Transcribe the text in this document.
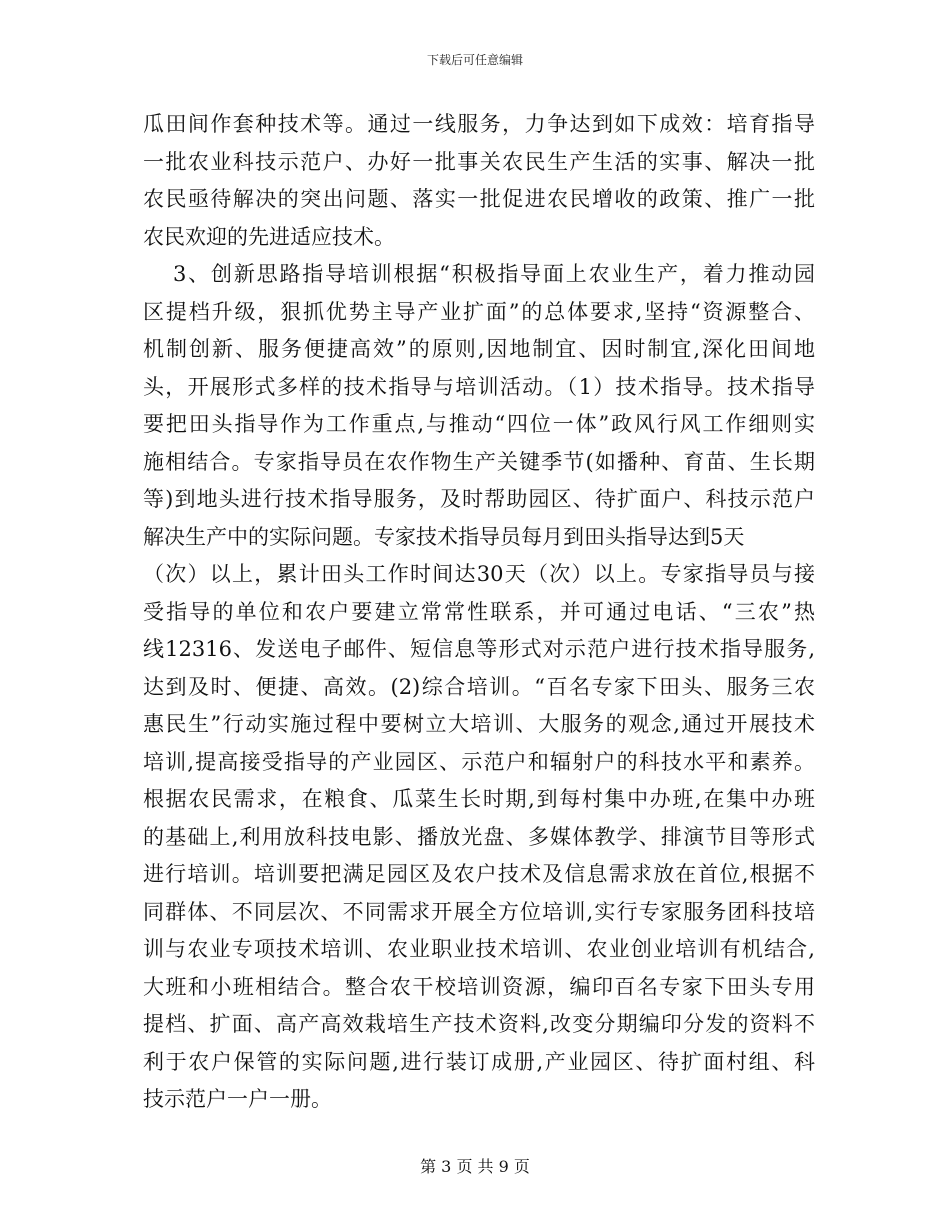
下载后可任意编辑
瓜田间作套种技术等。通过一线服务，力争达到如下成效：培育指导
一批农业科技示范户、办好一批事关农民生产生活的实事、解决一批
农民亟待解决的突出问题、落实一批促进农民增收的政策、推广一批
农民欢迎的先进适应技术。
3、创新思路指导培训根据“积极指导面上农业生产，着力推动园
区提档升级，狠抓优势主导产业扩面”的总体要求,坚持“资源整合、
机制创新、服务便捷高效”的原则,因地制宜、因时制宜,深化田间地
头，开展形式多样的技术指导与培训活动。（1）技术指导。技术指导
要把田头指导作为工作重点,与推动“四位一体”政风行风工作细则实
施相结合。专家指导员在农作物生产关键季节(如播种、育苗、生长期
等)到地头进行技术指导服务，及时帮助园区、待扩面户、科技示范户
解决生产中的实际问题。专家技术指导员每月到田头指导达到5天
（次）以上，累计田头工作时间达30天（次）以上。专家指导员与接
受指导的单位和农户要建立常常性联系，并可通过电话、“三农”热
线12316、发送电子邮件、短信息等形式对示范户进行技术指导服务,
达到及时、便捷、高效。(2)综合培训。“百名专家下田头、服务三农
惠民生”行动实施过程中要树立大培训、大服务的观念,通过开展技术
培训,提高接受指导的产业园区、示范户和辐射户的科技水平和素养。
根据农民需求，在粮食、瓜菜生长时期,到每村集中办班,在集中办班
的基础上,利用放科技电影、播放光盘、多媒体教学、排演节目等形式
进行培训。培训要把满足园区及农户技术及信息需求放在首位,根据不
同群体、不同层次、不同需求开展全方位培训,实行专家服务团科技培
训与农业专项技术培训、农业职业技术培训、农业创业培训有机结合,
大班和小班相结合。整合农干校培训资源，编印百名专家下田头专用
提档、扩面、高产高效栽培生产技术资料,改变分期编印分发的资料不
利于农户保管的实际问题,进行装订成册,产业园区、待扩面村组、科
技示范户一户一册。
第 3 页 共 9 页
